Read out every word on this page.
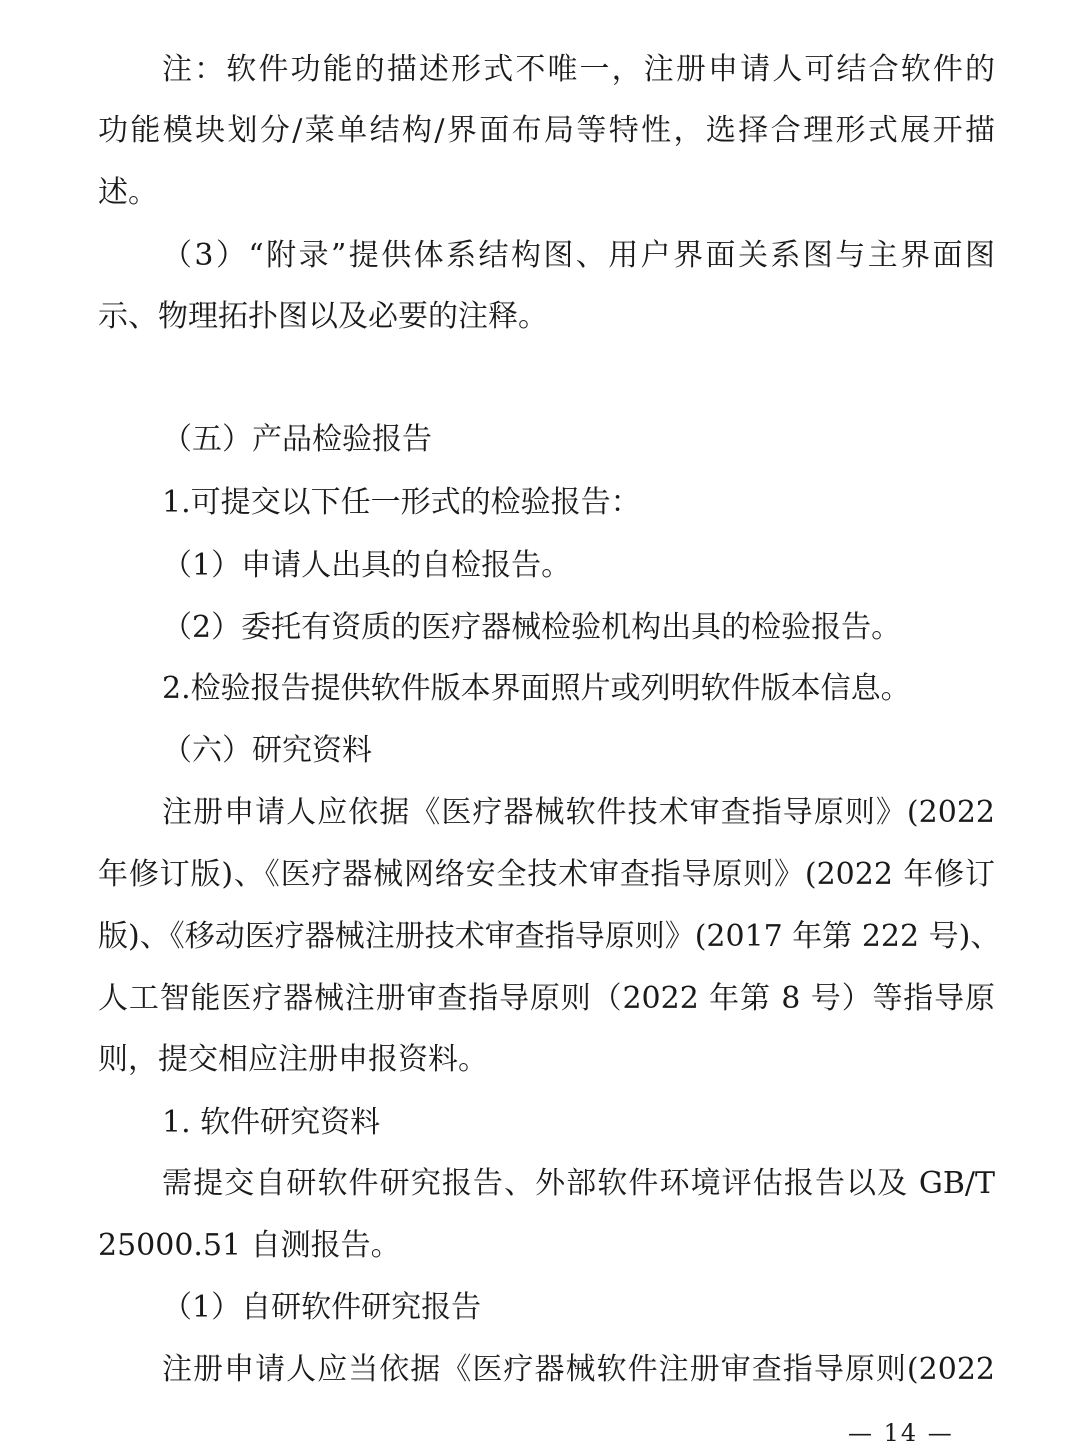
注：软件功能的描述形式不唯一，注册申请人可结合软件的
功能模块划分/菜单结构/界面布局等特性，选择合理形式展开描
述。
（3）“附录”提供体系结构图、用户界面关系图与主界面图
示、物理拓扑图以及必要的注释。
（五）产品检验报告
1.可提交以下任一形式的检验报告：
（1）申请人出具的自检报告。
（2）委托有资质的医疗器械检验机构出具的检验报告。
2.检验报告提供软件版本界面照片或列明软件版本信息。
（六）研究资料
注册申请人应依据《医疗器械软件技术审查指导原则》(2022
年修订版)、《医疗器械网络安全技术审查指导原则》(2022 年修订
版)、《移动医疗器械注册技术审查指导原则》(2017 年第 222 号)、
人工智能医疗器械注册审查指导原则（2022 年第 8 号）等指导原
则，提交相应注册申报资料。
1. 软件研究资料
需提交自研软件研究报告、外部软件环境评估报告以及 GB/T
25000.51 自测报告。
（1）自研软件研究报告
注册申请人应当依据《医疗器械软件注册审查指导原则(2022
— 14 —
